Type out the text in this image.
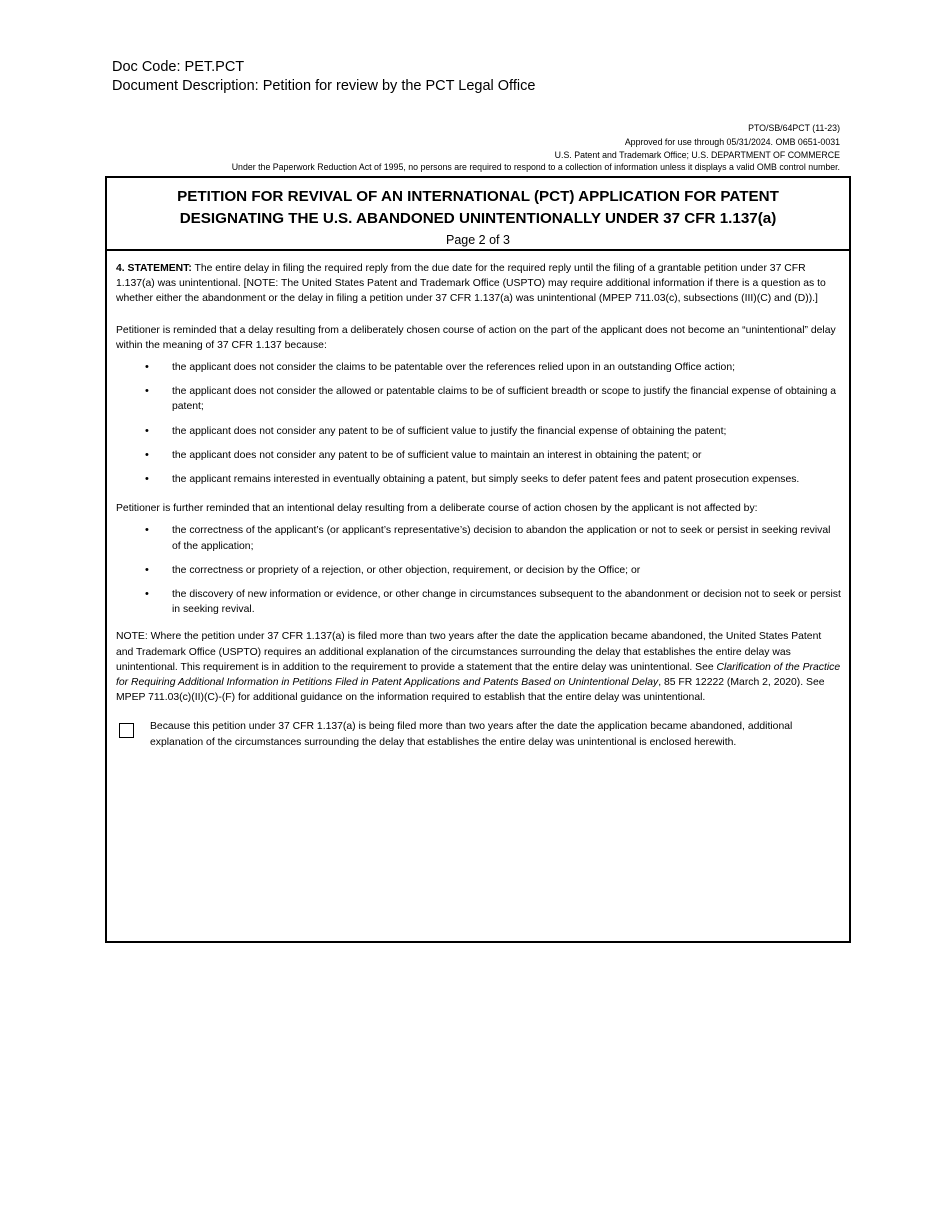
Doc Code: PET.PCT
Document Description: Petition for review by the PCT Legal Office
PTO/SB/64PCT (11-23)
Approved for use through 05/31/2024. OMB 0651-0031
U.S. Patent and Trademark Office; U.S. DEPARTMENT OF COMMERCE
Under the Paperwork Reduction Act of 1995, no persons are required to respond to a collection of information unless it displays a valid OMB control number.
PETITION FOR REVIVAL OF AN INTERNATIONAL (PCT) APPLICATION FOR PATENT
DESIGNATING THE U.S. ABANDONED UNINTENTIONALLY UNDER 37 CFR 1.137(a)
Page 2 of 3

4. STATEMENT: The entire delay in filing the required reply from the due date for the required reply until the filing of a grantable petition under 37 CFR 1.137(a) was unintentional. [NOTE: The United States Patent and Trademark Office (USPTO) may require additional information if there is a question as to whether either the abandonment or the delay in filing a petition under 37 CFR 1.137(a) was unintentional (MPEP 711.03(c), subsections (III)(C) and (D)).]

Petitioner is reminded that a delay resulting from a deliberately chosen course of action on the part of the applicant does not become an “unintentional” delay within the meaning of 37 CFR 1.137 because:

• the applicant does not consider the claims to be patentable over the references relied upon in an outstanding Office action;
• the applicant does not consider the allowed or patentable claims to be of sufficient breadth or scope to justify the financial expense of obtaining a patent;
• the applicant does not consider any patent to be of sufficient value to justify the financial expense of obtaining the patent;
• the applicant does not consider any patent to be of sufficient value to maintain an interest in obtaining the patent; or
• the applicant remains interested in eventually obtaining a patent, but simply seeks to defer patent fees and patent prosecution expenses.

Petitioner is further reminded that an intentional delay resulting from a deliberate course of action chosen by the applicant is not affected by:

• the correctness of the applicant’s (or applicant’s representative’s) decision to abandon the application or not to seek or persist in seeking revival of the application;
• the correctness or propriety of a rejection, or other objection, requirement, or decision by the Office; or
• the discovery of new information or evidence, or other change in circumstances subsequent to the abandonment or decision not to seek or persist in seeking revival.

NOTE: Where the petition under 37 CFR 1.137(a) is filed more than two years after the date the application became abandoned, the United States Patent and Trademark Office (USPTO) requires an additional explanation of the circumstances surrounding the delay that establishes the entire delay was unintentional. This requirement is in addition to the requirement to provide a statement that the entire delay was unintentional. See Clarification of the Practice for Requiring Additional Information in Petitions Filed in Patent Applications and Patents Based on Unintentional Delay, 85 FR 12222 (March 2, 2020). See MPEP 711.03(c)(II)(C)-(F) for additional guidance on the information required to establish that the entire delay was unintentional.

Because this petition under 37 CFR 1.137(a) is being filed more than two years after the date the application became abandoned, additional explanation of the circumstances surrounding the delay that establishes the entire delay was unintentional is enclosed herewith.
